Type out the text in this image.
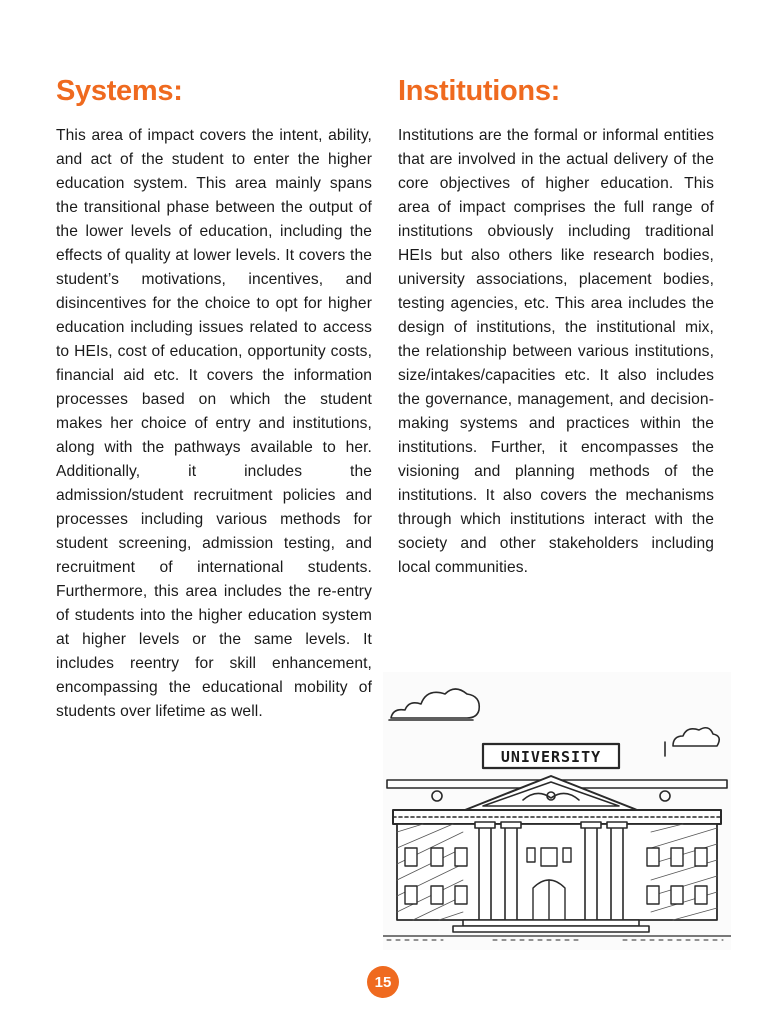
Systems:

This area of impact covers the intent, ability, and act of the student to enter the higher education system. This area mainly spans the transitional phase between the output of the lower levels of education, including the effects of quality at lower levels. It covers the student’s motivations, incentives, and disincentives for the choice to opt for higher education including issues related to access to HEIs, cost of education, opportunity costs, financial aid etc. It covers the information processes based on which the student makes her choice of entry and institutions, along with the pathways available to her. Additionally, it includes the admission/student recruitment policies and processes including various methods for student screening, admission testing, and recruitment of international students. Furthermore, this area includes the re-entry of students into the higher education system at higher levels or the same levels. It includes reentry for skill enhancement, encompassing the educational mobility of students over lifetime as well.

Institutions:

Institutions are the formal or informal entities that are involved in the actual delivery of the core objectives of higher education. This area of impact comprises the full range of institutions obviously including traditional HEIs but also others like research bodies, university associations, placement bodies, testing agencies, etc. This area includes the design of institutions, the institutional mix, the relationship between various institutions, size/intakes/capacities etc. It also includes the governance, management, and decision-making systems and practices within the institutions. Further, it encompasses the visioning and planning methods of the institutions. It also covers the mechanisms through which institutions interact with the society and other stakeholders including local communities.

UNIVERSITY
15
